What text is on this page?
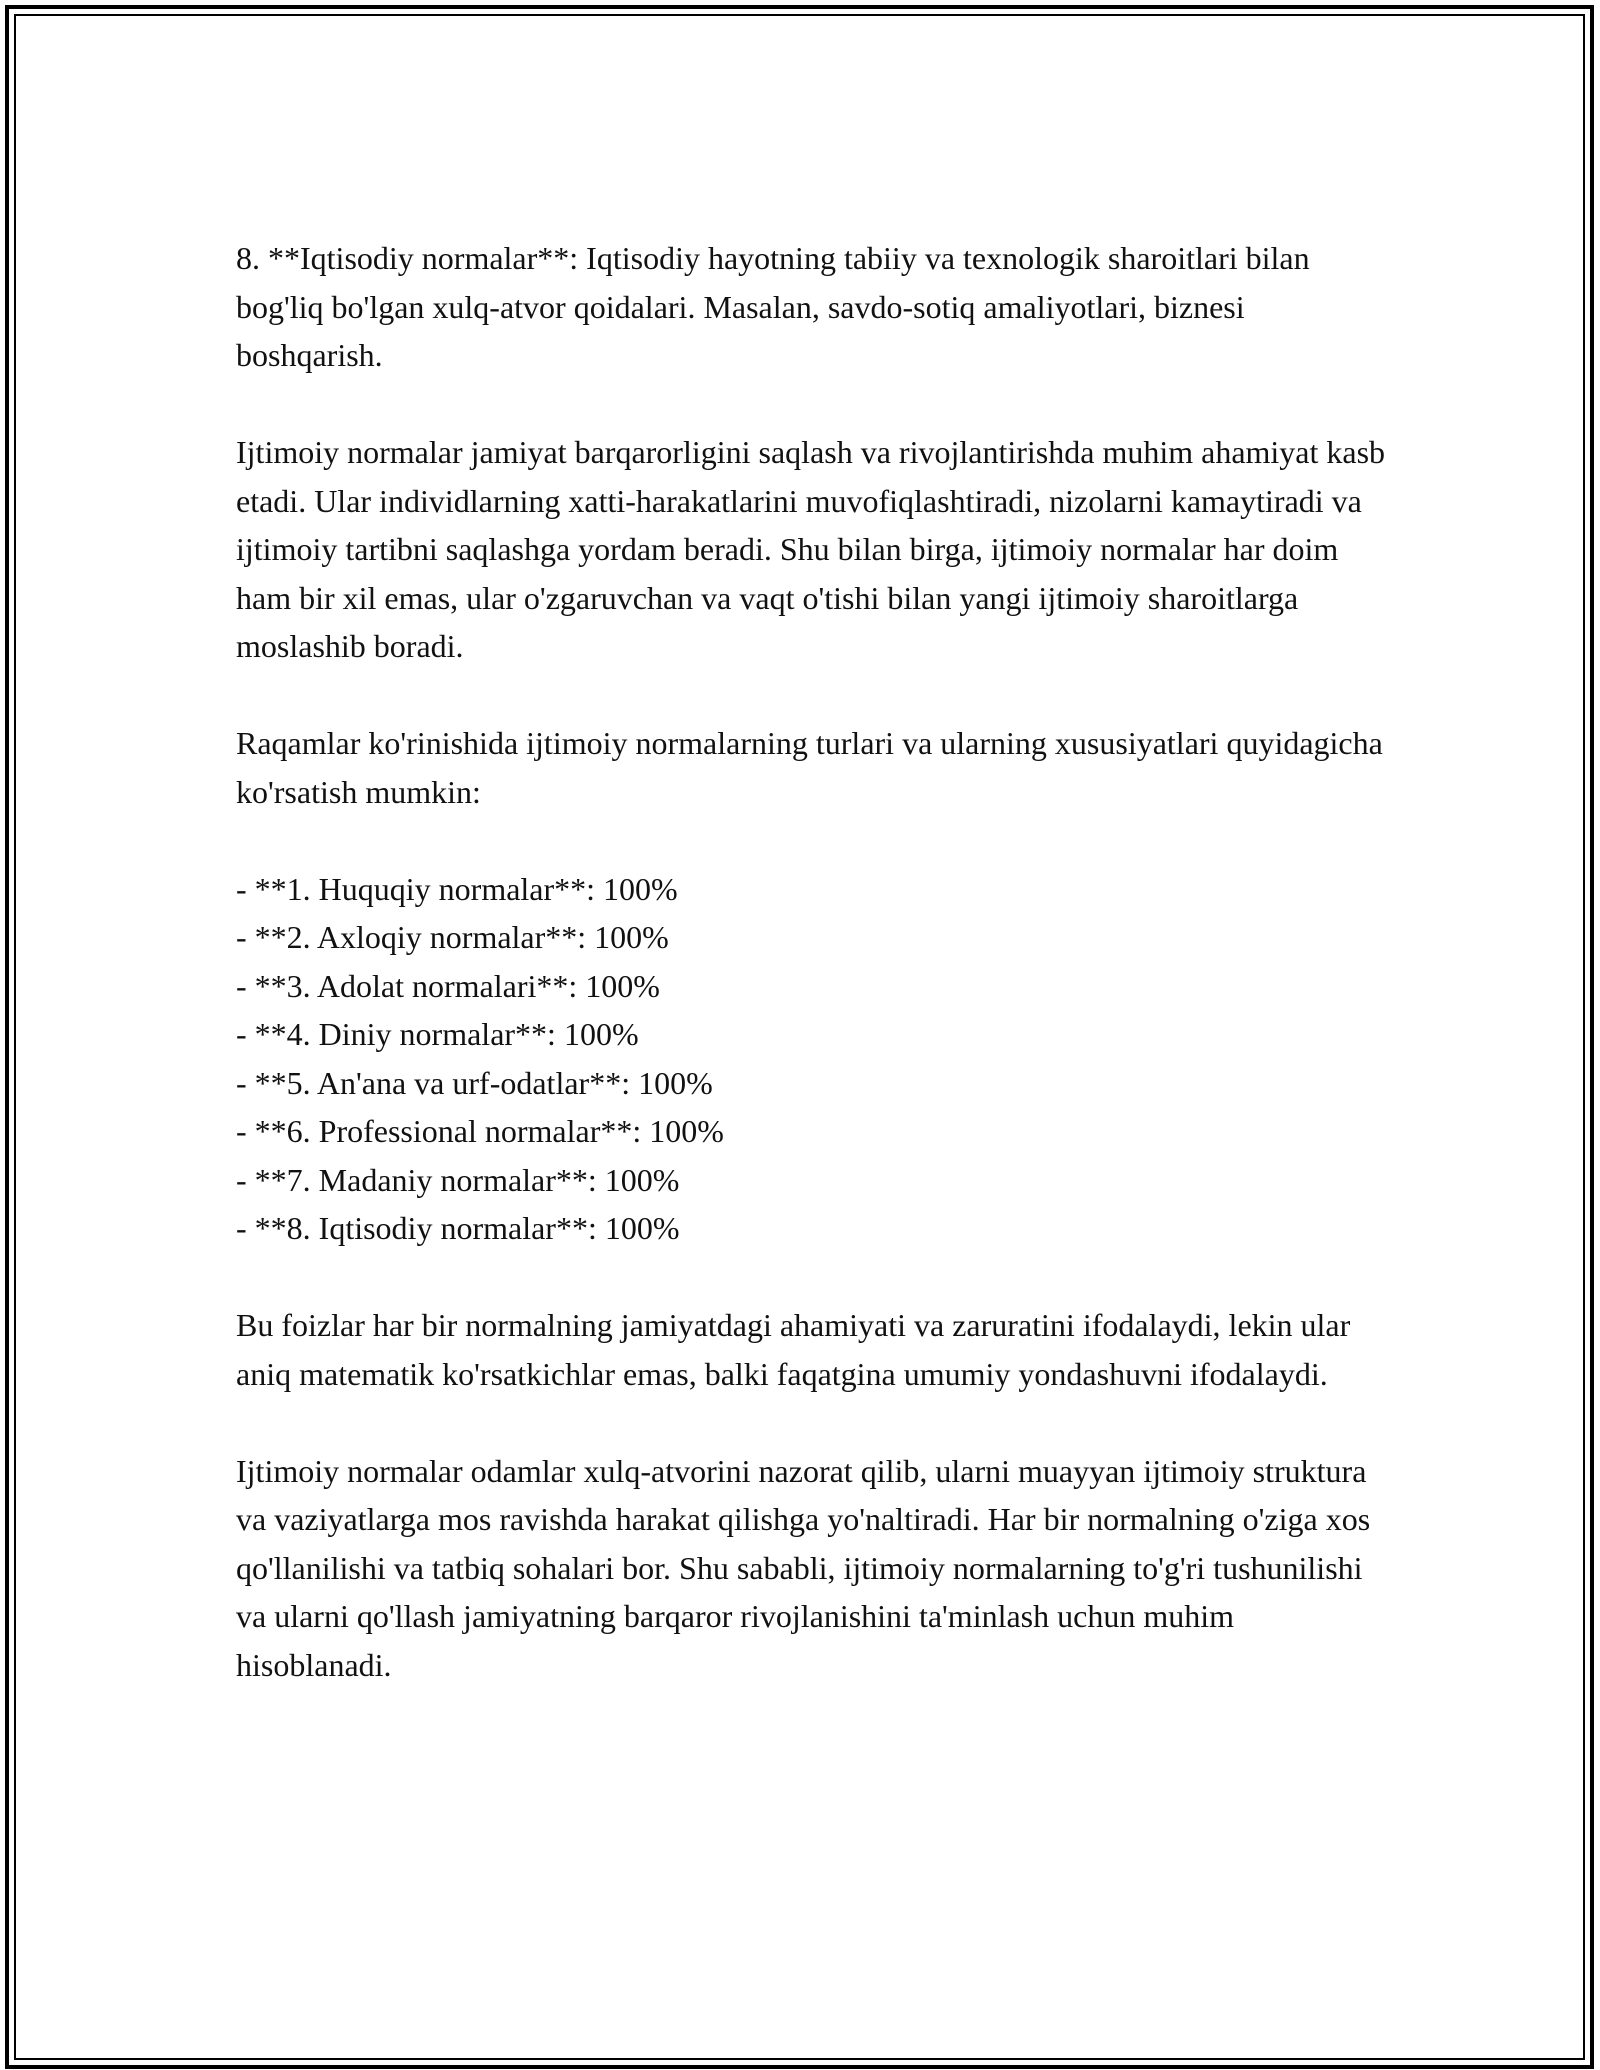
8. **Iqtisodiy normalar**: Iqtisodiy hayotning tabiiy va texnologik sharoitlari bilan bog'liq bo'lgan xulq-atvor qoidalari. Masalan, savdo-sotiq amaliyotlari, biznesi boshqarish.

Ijtimoiy normalar jamiyat barqarorligini saqlash va rivojlantirishda muhim ahamiyat kasb etadi. Ular individlarning xatti-harakatlarini muvofiqlashtiradi, nizolarni kamaytiradi va ijtimoiy tartibni saqlashga yordam beradi. Shu bilan birga, ijtimoiy normalar har doim ham bir xil emas, ular o'zgaruvchan va vaqt o'tishi bilan yangi ijtimoiy sharoitlarga moslashib boradi.

Raqamlar ko'rinishida ijtimoiy normalarning turlari va ularning xususiyatlari quyidagicha ko'rsatish mumkin:

- **1. Huquqiy normalar**: 100%
- **2. Axloqiy normalar**: 100%
- **3. Adolat normalari**: 100%
- **4. Diniy normalar**: 100%
- **5. An'ana va urf-odatlar**: 100%
- **6. Professional normalar**: 100%
- **7. Madaniy normalar**: 100%
- **8. Iqtisodiy normalar**: 100%

Bu foizlar har bir normalning jamiyatdagi ahamiyati va zaruratini ifodalaydi, lekin ular aniq matematik ko'rsatkichlar emas, balki faqatgina umumiy yondashuvni ifodalaydi.

Ijtimoiy normalar odamlar xulq-atvorini nazorat qilib, ularni muayyan ijtimoiy struktura va vaziyatlarga mos ravishda harakat qilishga yo'naltiradi. Har bir normalning o'ziga xos qo'llanilishi va tatbiq sohalari bor. Shu sababli, ijtimoiy normalarning to'g'ri tushunilishi va ularni qo'llash jamiyatning barqaror rivojlanishini ta'minlash uchun muhim hisoblanadi.
